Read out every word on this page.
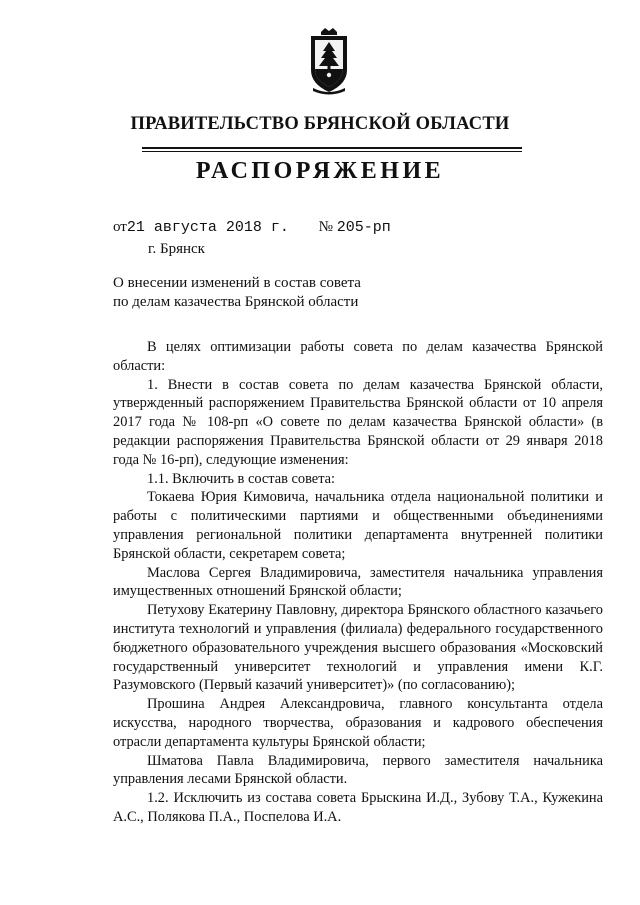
ПРАВИТЕЛЬСТВО БРЯНСКОЙ ОБЛАСТИ
РАСПОРЯЖЕНИЕ
от21 августа 2018 г. № 205-рп
г. Брянск
О внесении изменений в состав совета
по делам казачества Брянской области

В целях оптимизации работы совета по делам казачества Брянской области:

1. Внести в состав совета по делам казачества Брянской области, утвержденный распоряжением Правительства Брянской области от 10 апреля 2017 года № 108-рп «О совете по делам казачества Брянской области» (в редакции распоряжения Правительства Брянской области от 29 января 2018 года № 16-рп), следующие изменения:

1.1. Включить в состав совета:

Токаева Юрия Кимовича, начальника отдела национальной политики и работы с политическими партиями и общественными объединениями управления региональной политики департамента внутренней политики Брянской области, секретарем совета;

Маслова Сергея Владимировича, заместителя начальника управления имущественных отношений Брянской области;

Петухову Екатерину Павловну, директора Брянского областного казачьего института технологий и управления (филиала) федерального государственного бюджетного образовательного учреждения высшего образования «Московский государственный университет технологий и управления имени К.Г. Разумовского (Первый казачий университет)» (по согласованию);

Прошина Андрея Александровича, главного консультанта отдела искусства, народного творчества, образования и кадрового обеспечения отрасли департамента культуры Брянской области;

Шматова Павла Владимировича, первого заместителя начальника управления лесами Брянской области.

1.2. Исключить из состава совета Брыскина И.Д., Зубову Т.А., Кужекина А.С., Полякова П.А., Поспелова И.А.
